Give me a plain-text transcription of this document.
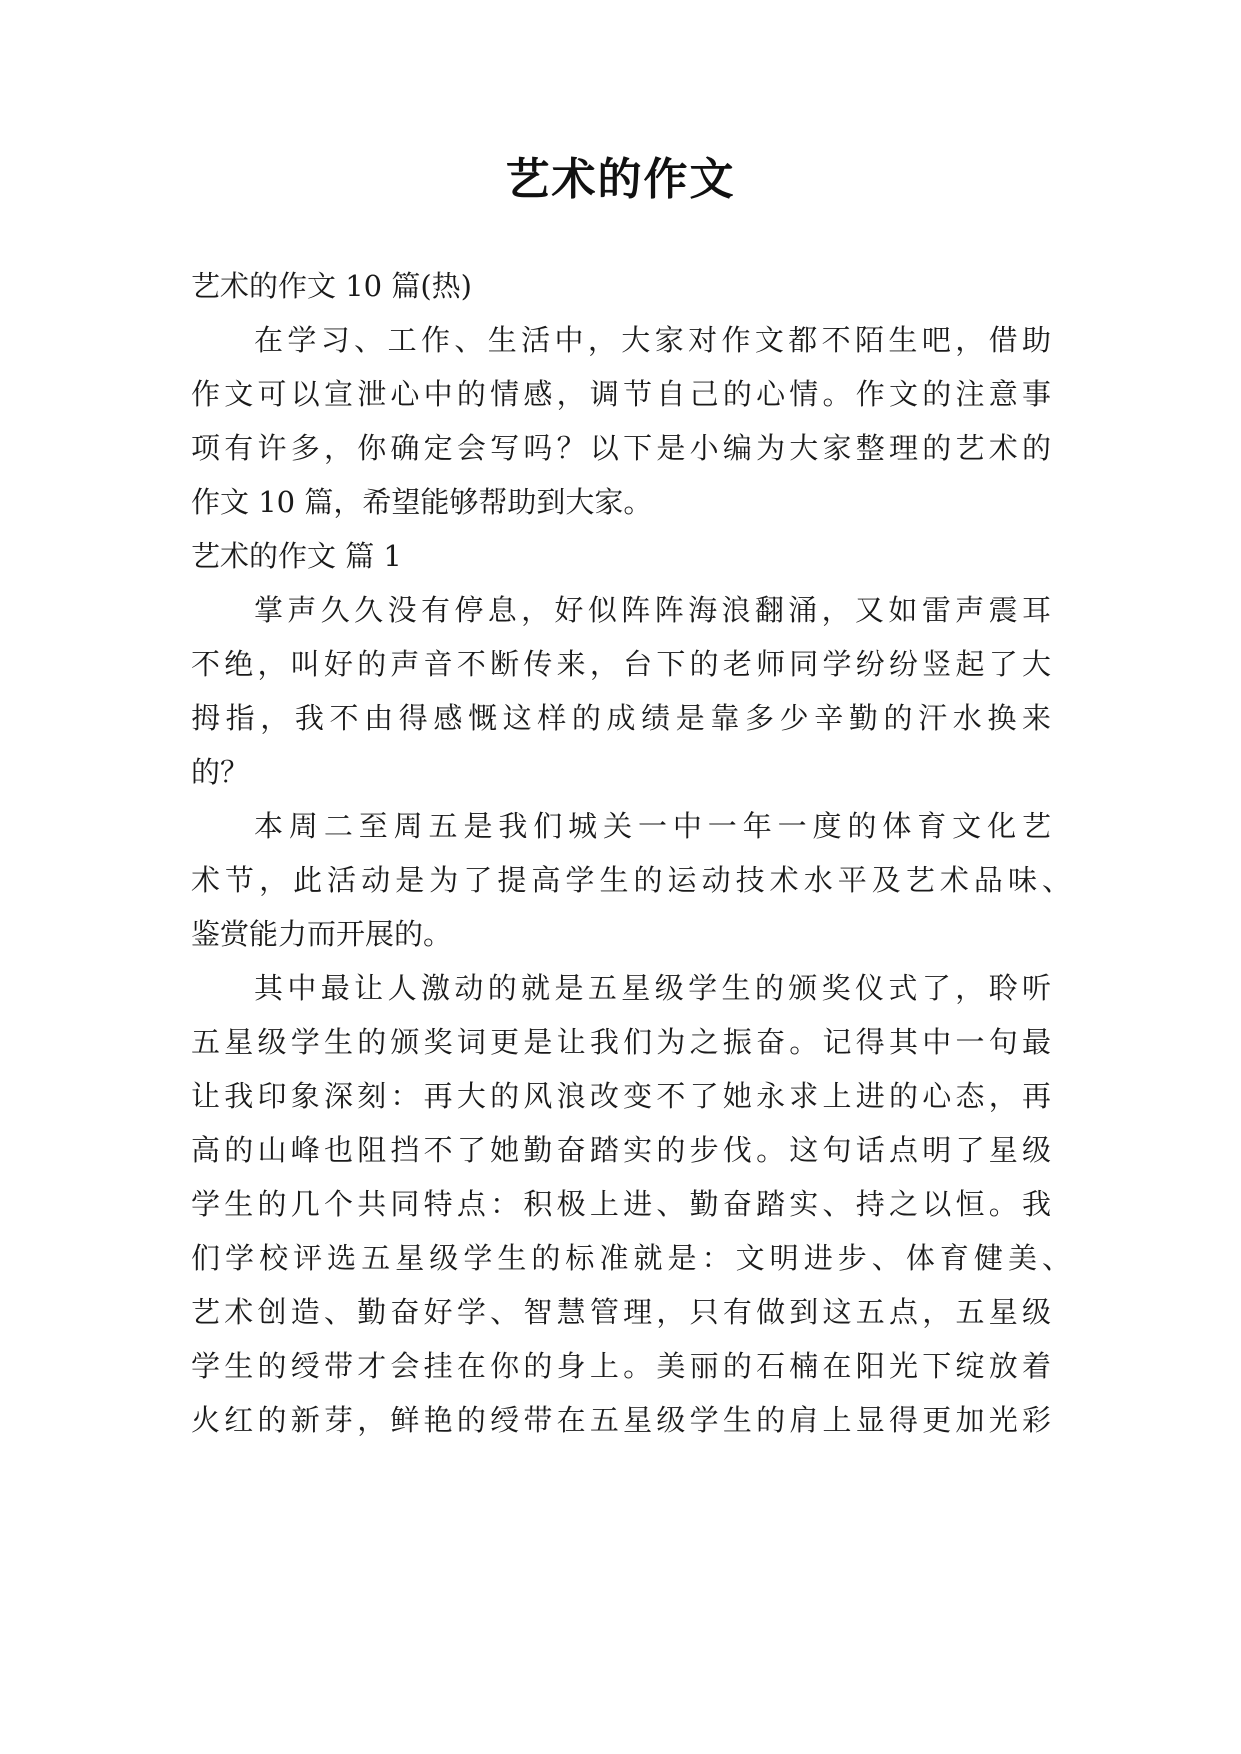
艺术的作文

艺术的作文 10 篇(热)

在学习、工作、生活中，大家对作文都不陌生吧，借助

作文可以宣泄心中的情感，调节自己的心情。作文的注意事

项有许多，你确定会写吗？以下是小编为大家整理的艺术的

作文 10 篇，希望能够帮助到大家。

艺术的作文 篇 1

掌声久久没有停息，好似阵阵海浪翻涌，又如雷声震耳

不绝，叫好的声音不断传来，台下的老师同学纷纷竖起了大

拇指，我不由得感慨这样的成绩是靠多少辛勤的汗水换来

的？

本周二至周五是我们城关一中一年一度的体育文化艺

术节，此活动是为了提高学生的运动技术水平及艺术品味、

鉴赏能力而开展的。

其中最让人激动的就是五星级学生的颁奖仪式了，聆听

五星级学生的颁奖词更是让我们为之振奋。记得其中一句最

让我印象深刻：再大的风浪改变不了她永求上进的心态，再

高的山峰也阻挡不了她勤奋踏实的步伐。这句话点明了星级

学生的几个共同特点：积极上进、勤奋踏实、持之以恒。我

们学校评选五星级学生的标准就是：文明进步、体育健美、

艺术创造、勤奋好学、智慧管理，只有做到这五点，五星级

学生的绶带才会挂在你的身上。美丽的石楠在阳光下绽放着

火红的新芽，鲜艳的绶带在五星级学生的肩上显得更加光彩
